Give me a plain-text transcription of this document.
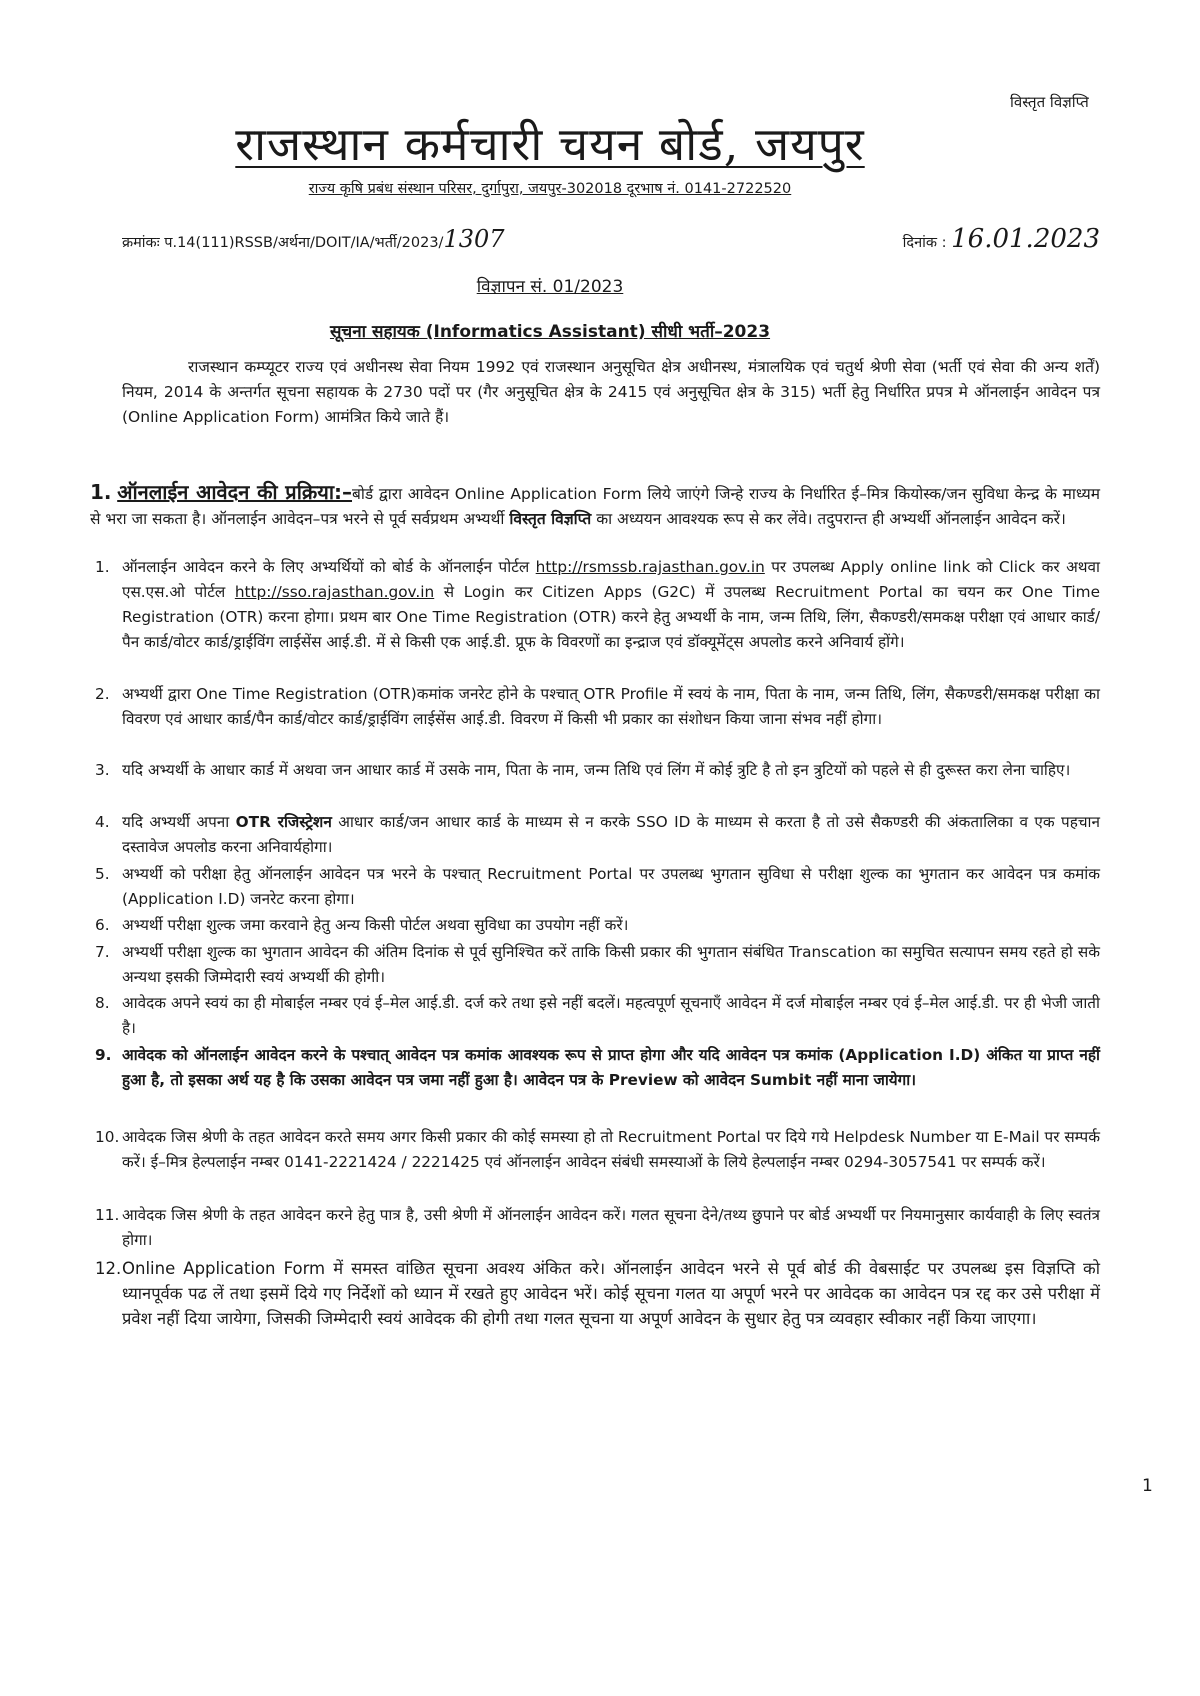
विस्तृत विज्ञप्ति
राजस्थान कर्मचारी चयन बोर्ड, जयपुर
राज्य कृषि प्रबंध संस्थान परिसर, दुर्गापुरा, जयपुर-302018 दूरभाष नं. 0141-2722520
क्रमांकः प.14(111)RSSB/अर्थना/DOIT/IA/भर्ती/2023/1307	दिनांक : 16.01.2023
विज्ञापन सं. 01/2023
सूचना सहायक (Informatics Assistant) सीधी भर्ती–2023

राजस्थान कम्प्यूटर राज्य एवं अधीनस्थ सेवा नियम 1992 एवं राजस्थान अनुसूचित क्षेत्र अधीनस्थ, मंत्रालयिक एवं चतुर्थ श्रेणी सेवा (भर्ती एवं सेवा की अन्य शर्तें) नियम, 2014 के अन्तर्गत सूचना सहायक के 2730 पदों पर (गैर अनुसूचित क्षेत्र के 2415 एवं अनुसूचित क्षेत्र के 315) भर्ती हेतु निर्धारित प्रपत्र मे ऑनलाईन आवेदन पत्र (Online Application Form) आमंत्रित किये जाते हैं।

1. ऑनलाईन आवेदन की प्रक्रिया:–बोर्ड द्वारा आवेदन Online Application Form लिये जाएंगे जिन्हे राज्य के निर्धारित ई–मित्र कियोस्क/जन सुविधा केन्द्र के माध्यम से भरा जा सकता है। ऑनलाईन आवेदन–पत्र भरने से पूर्व सर्वप्रथम अभ्यर्थी विस्तृत विज्ञप्ति का अध्ययन आवश्यक रूप से कर लेंवे। तदुपरान्त ही अभ्यर्थी ऑनलाईन आवेदन करें।

1. ऑनलाईन आवेदन करने के लिए अभ्यर्थियों को बोर्ड के ऑनलाईन पोर्टल http://rsmssb.rajasthan.gov.in पर उपलब्ध Apply online link को Click कर अथवा एस.एस.ओ पोर्टल http://sso.rajasthan.gov.in से Login कर Citizen Apps (G2C) में उपलब्ध Recruitment Portal का चयन कर One Time Registration (OTR) करना होगा। प्रथम बार One Time Registration (OTR) करने हेतु अभ्यर्थी के नाम, जन्म तिथि, लिंग, सैकण्डरी/समकक्ष परीक्षा एवं आधार कार्ड/पैन कार्ड/वोटर कार्ड/ड्राईविंग लाईसेंस आई.डी. में से किसी एक आई.डी. प्रूफ के विवरणों का इन्द्राज एवं डॉक्यूमेंट्स अपलोड करने अनिवार्य होंगे।
2. अभ्यर्थी द्वारा One Time Registration (OTR)कमांक जनरेट होने के पश्चात् OTR Profile में स्वयं के नाम, पिता के नाम, जन्म तिथि, लिंग, सैकण्डरी/समकक्ष परीक्षा का विवरण एवं आधार कार्ड/पैन कार्ड/वोटर कार्ड/ड्राईविंग लाईसेंस आई.डी. विवरण में किसी भी प्रकार का संशोधन किया जाना संभव नहीं होगा।
3. यदि अभ्यर्थी के आधार कार्ड में अथवा जन आधार कार्ड में उसके नाम, पिता के नाम, जन्म तिथि एवं लिंग में कोई त्रुटि है तो इन त्रुटियों को पहले से ही दुरूस्त करा लेना चाहिए।
4. यदि अभ्यर्थी अपना OTR रजिस्ट्रेशन आधार कार्ड/जन आधार कार्ड के माध्यम से न करके SSO ID के माध्यम से करता है तो उसे सैकण्डरी की अंकतालिका व एक पहचान दस्तावेज अपलोड करना अनिवार्यहोगा।
5. अभ्यर्थी को परीक्षा हेतु ऑनलाईन आवेदन पत्र भरने के पश्चात् Recruitment Portal पर उपलब्ध भुगतान सुविधा से परीक्षा शुल्क का भुगतान कर आवेदन पत्र कमांक (Application I.D) जनरेट करना होगा।
6. अभ्यर्थी परीक्षा शुल्क जमा करवाने हेतु अन्य किसी पोर्टल अथवा सुविधा का उपयोग नहीं करें।
7. अभ्यर्थी परीक्षा शुल्क का भुगतान आवेदन की अंतिम दिनांक से पूर्व सुनिश्चित करें ताकि किसी प्रकार की भुगतान संबंधित Transcation का समुचित सत्यापन समय रहते हो सके अन्यथा इसकी जिम्मेदारी स्वयं अभ्यर्थी की होगी।
8. आवेदक अपने स्वयं का ही मोबाईल नम्बर एवं ई–मेल आई.डी. दर्ज करे तथा इसे नहीं बदलें। महत्वपूर्ण सूचनाएँ आवेदन में दर्ज मोबाईल नम्बर एवं ई–मेल आई.डी. पर ही भेजी जाती है।
9. आवेदक को ऑनलाईन आवेदन करने के पश्चात् आवेदन पत्र कमांक आवश्यक रूप से प्राप्त होगा और यदि आवेदन पत्र कमांक (Application I.D) अंकित या प्राप्त नहीं हुआ है, तो इसका अर्थ यह है कि उसका आवेदन पत्र जमा नहीं हुआ है। आवेदन पत्र के Preview को आवेदन Sumbit नहीं माना जायेगा।
10. आवेदक जिस श्रेणी के तहत आवेदन करते समय अगर किसी प्रकार की कोई समस्या हो तो Recruitment Portal पर दिये गये Helpdesk Number या E-Mail पर सम्पर्क करें। ई–मित्र हेल्पलाईन नम्बर 0141-2221424 / 2221425 एवं ऑनलाईन आवेदन संबंधी समस्याओं के लिये हेल्पलाईन नम्बर 0294-3057541 पर सम्पर्क करें।
11. आवेदक जिस श्रेणी के तहत आवेदन करने हेतु पात्र है, उसी श्रेणी में ऑनलाईन आवेदन करें। गलत सूचना देने/तथ्य छुपाने पर बोर्ड अभ्यर्थी पर नियमानुसार कार्यवाही के लिए स्वतंत्र होगा।
12. Online Application Form में समस्त वांछित सूचना अवश्य अंकित करे। ऑनलाईन आवेदन भरने से पूर्व बोर्ड की वेबसाईट पर उपलब्ध इस विज्ञप्ति को ध्यानपूर्वक पढ लें तथा इसमें दिये गए निर्देशों को ध्यान में रखते हुए आवेदन भरें। कोई सूचना गलत या अपूर्ण भरने पर आवेदक का आवेदन पत्र रद्द कर उसे परीक्षा में प्रवेश नहीं दिया जायेगा, जिसकी जिम्मेदारी स्वयं आवेदक की होगी तथा गलत सूचना या अपूर्ण आवेदन के सुधार हेतु पत्र व्यवहार स्वीकार नहीं किया जाएगा।
1
